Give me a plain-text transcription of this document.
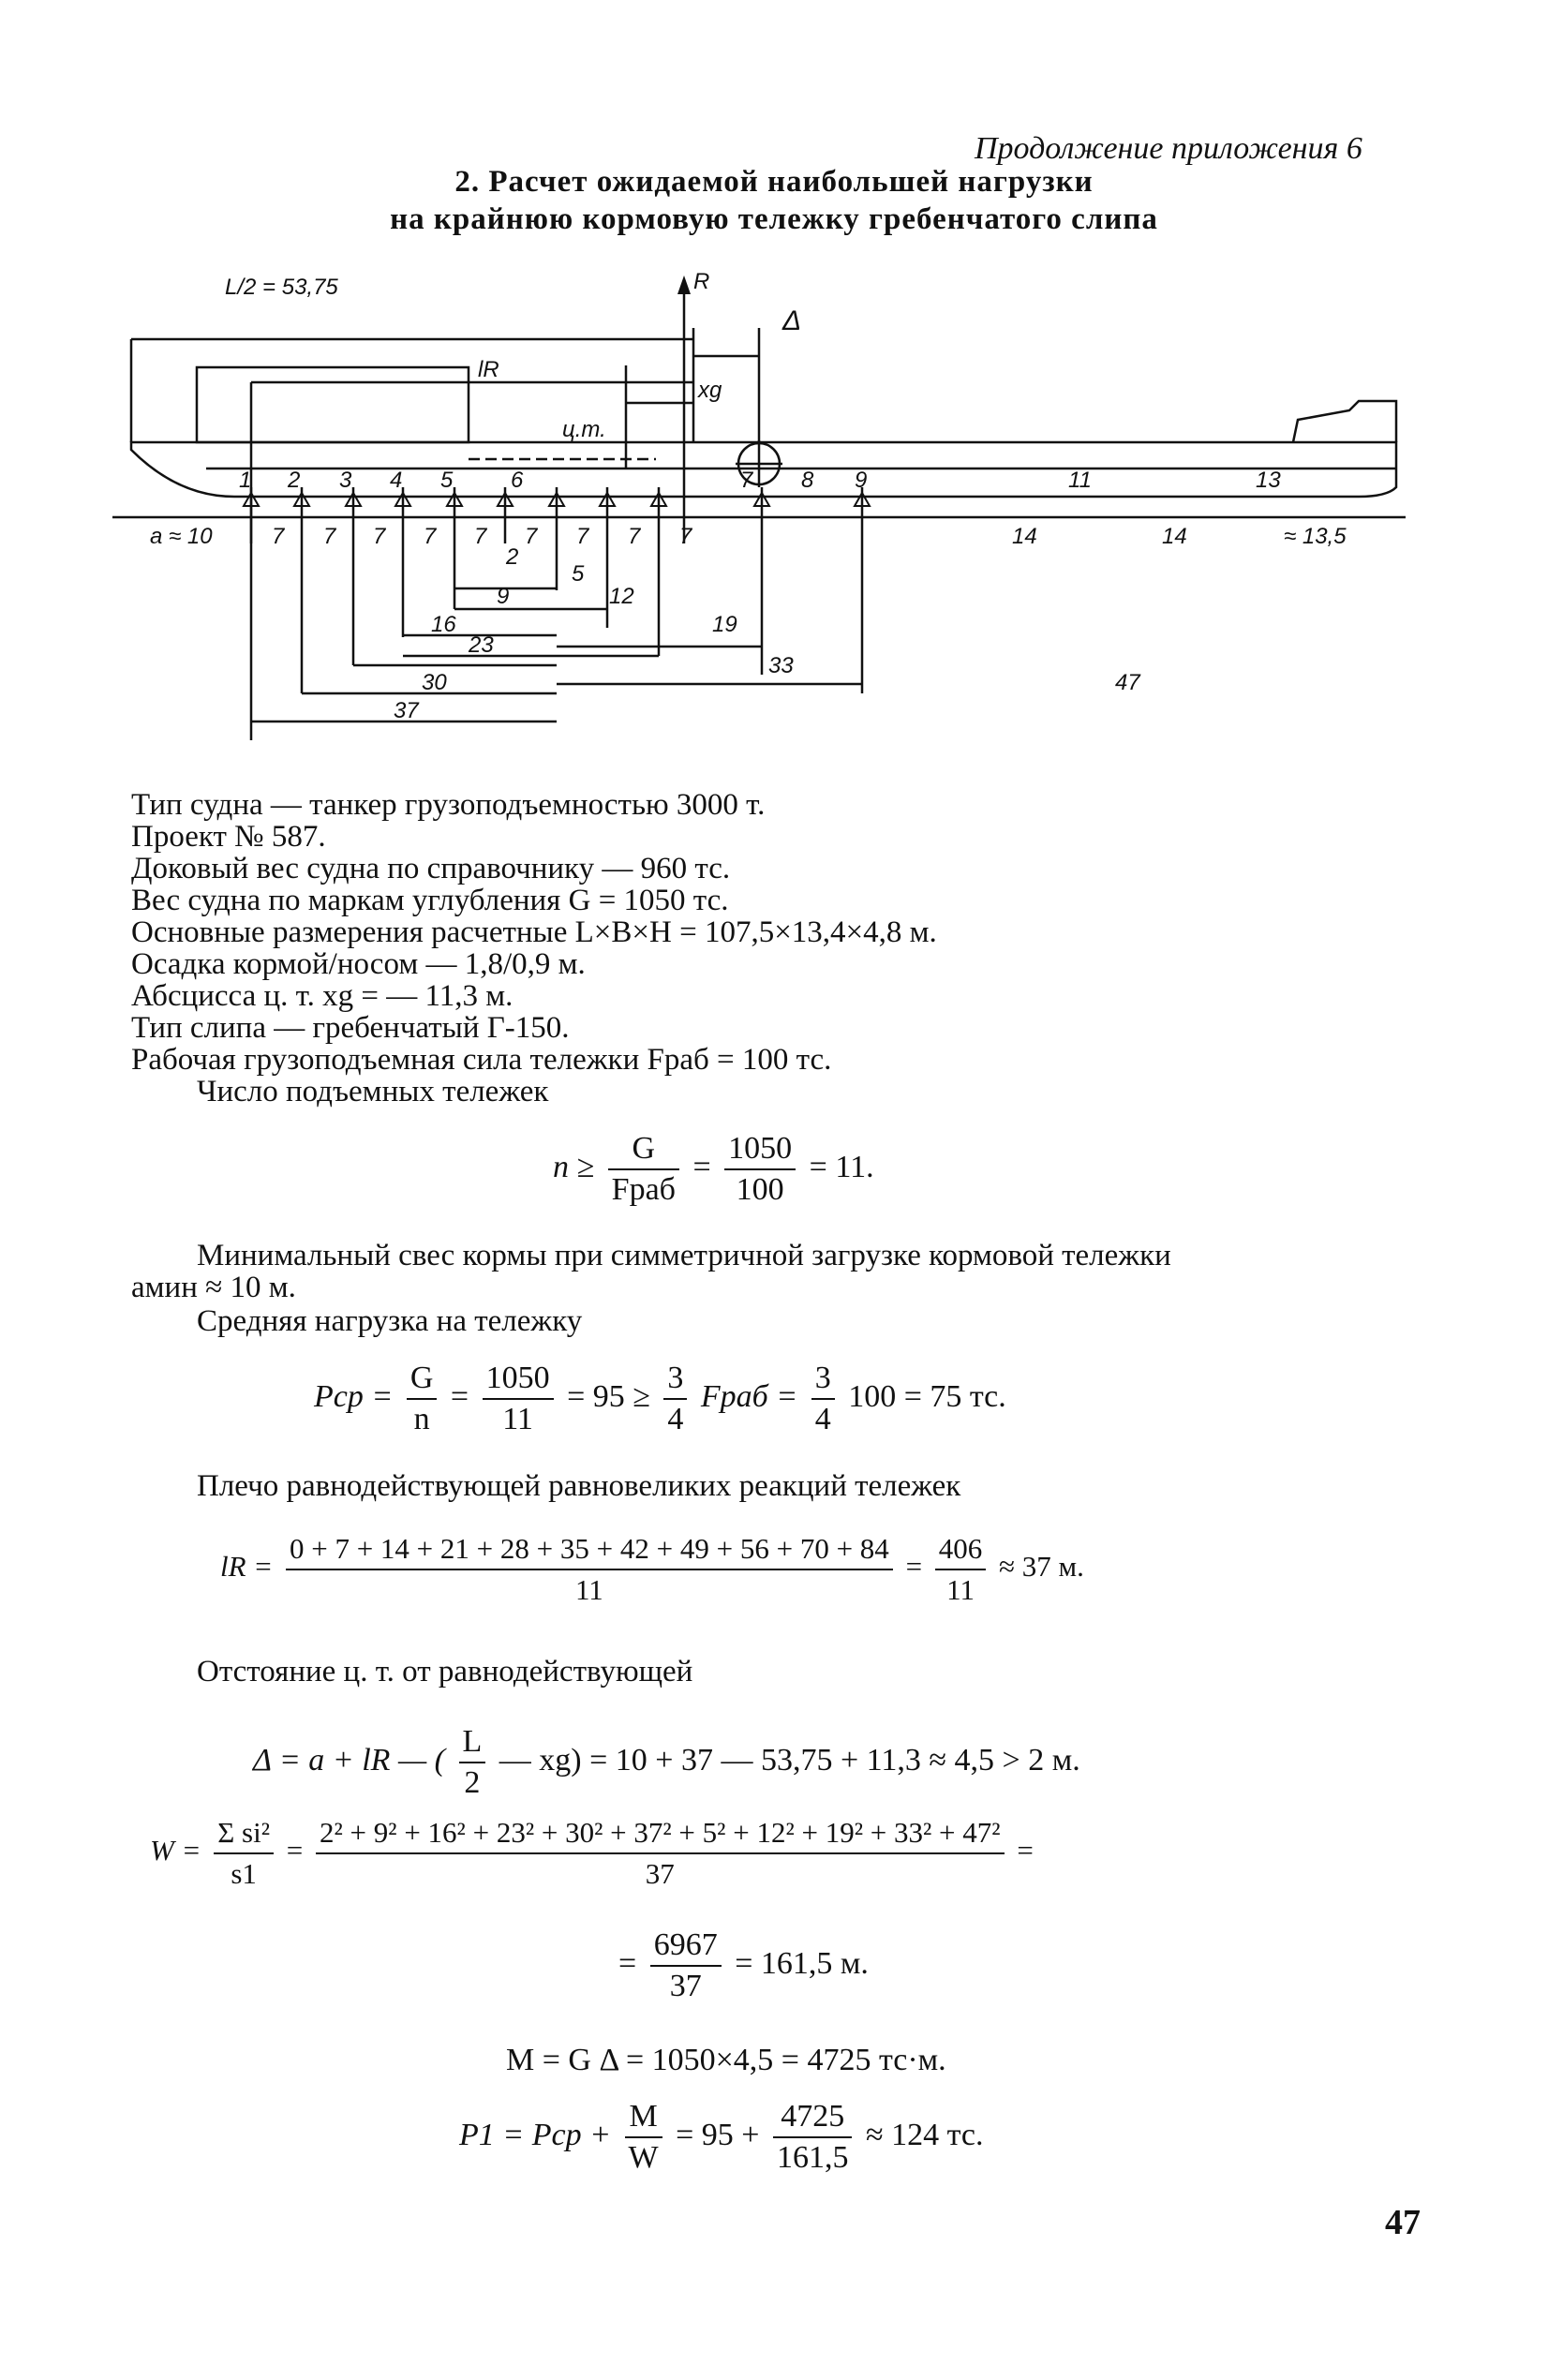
Продолжение приложения 6
2. Расчет ожидаемой наибольшей нагрузки
на крайнюю кормовую тележку гребенчатого слипа
L/2 = 53,75	R
Δ
lR
xg
ц.т.
a ≈ 10	≈ 13,5
1 2 3 4 5	6	7 8 9	11	13
7 7 7 7 7 7 7 7 7	14	14
2
5
9	12
16	19
23
33
30	47
37
Тип судна — танкер грузоподъемностью 3000 т.
Проект № 587.
Доковый вес судна по справочнику — 960 тс.
Вес судна по маркам углубления G = 1050 тс.
Основные размерения расчетные L×B×H = 107,5×13,4×4,8 м.
Осадка кормой/носом — 1,8/0,9 м.
Абсцисса ц. т. xg = — 11,3 м.
Тип слипа — гребенчатый Г-150.
Рабочая грузоподъемная сила тележки Fраб = 100 тс.
Число подъемных тележек
$n \ge \frac{G}{\text{Fраб}} = \frac{1050}{100} = 11$.
Минимальный свес кормы при симметричной загрузке кормовой тележки
aмин ≈ 10 м.
Средняя нагрузка на тележку
Pср = $\frac{G}{n} = \frac{1050}{11} = 95 \ge \frac{3}{4}$ Fраб = $\frac{3}{4} 100 = 75$ тс.
Плечо равнодействующей равновеликих реакций тележек
lR = $\frac{0 + 7 + 14 + 21 + 28 + 35 + 42 + 49 + 56 + 70 + 84}{11} = \frac{406}{11} \approx 37$ м.
Отстояние ц. т. от равнодействующей
Δ = a + lR — ( $\frac{L}{2}$ — xg) = 10 + 37 — 53,75 + 11,3 ≈ 4,5 > 2 м.
$W = \frac{\text{Σ si²}}{s1} = \frac{\text{2² + 9² + 16² + 23² + 30² + 37² + 5² + 12² + 19² + 33² + 47²}}{37}$ =
= $\frac{6967}{37} = 161,5$ м.
M = G Δ = 1050×4,5 = 4725 тс·м.
P1 = Pср + $\frac{M}{W} = 95 + \frac{4725}{161,5} \approx 124$ тс.
47
